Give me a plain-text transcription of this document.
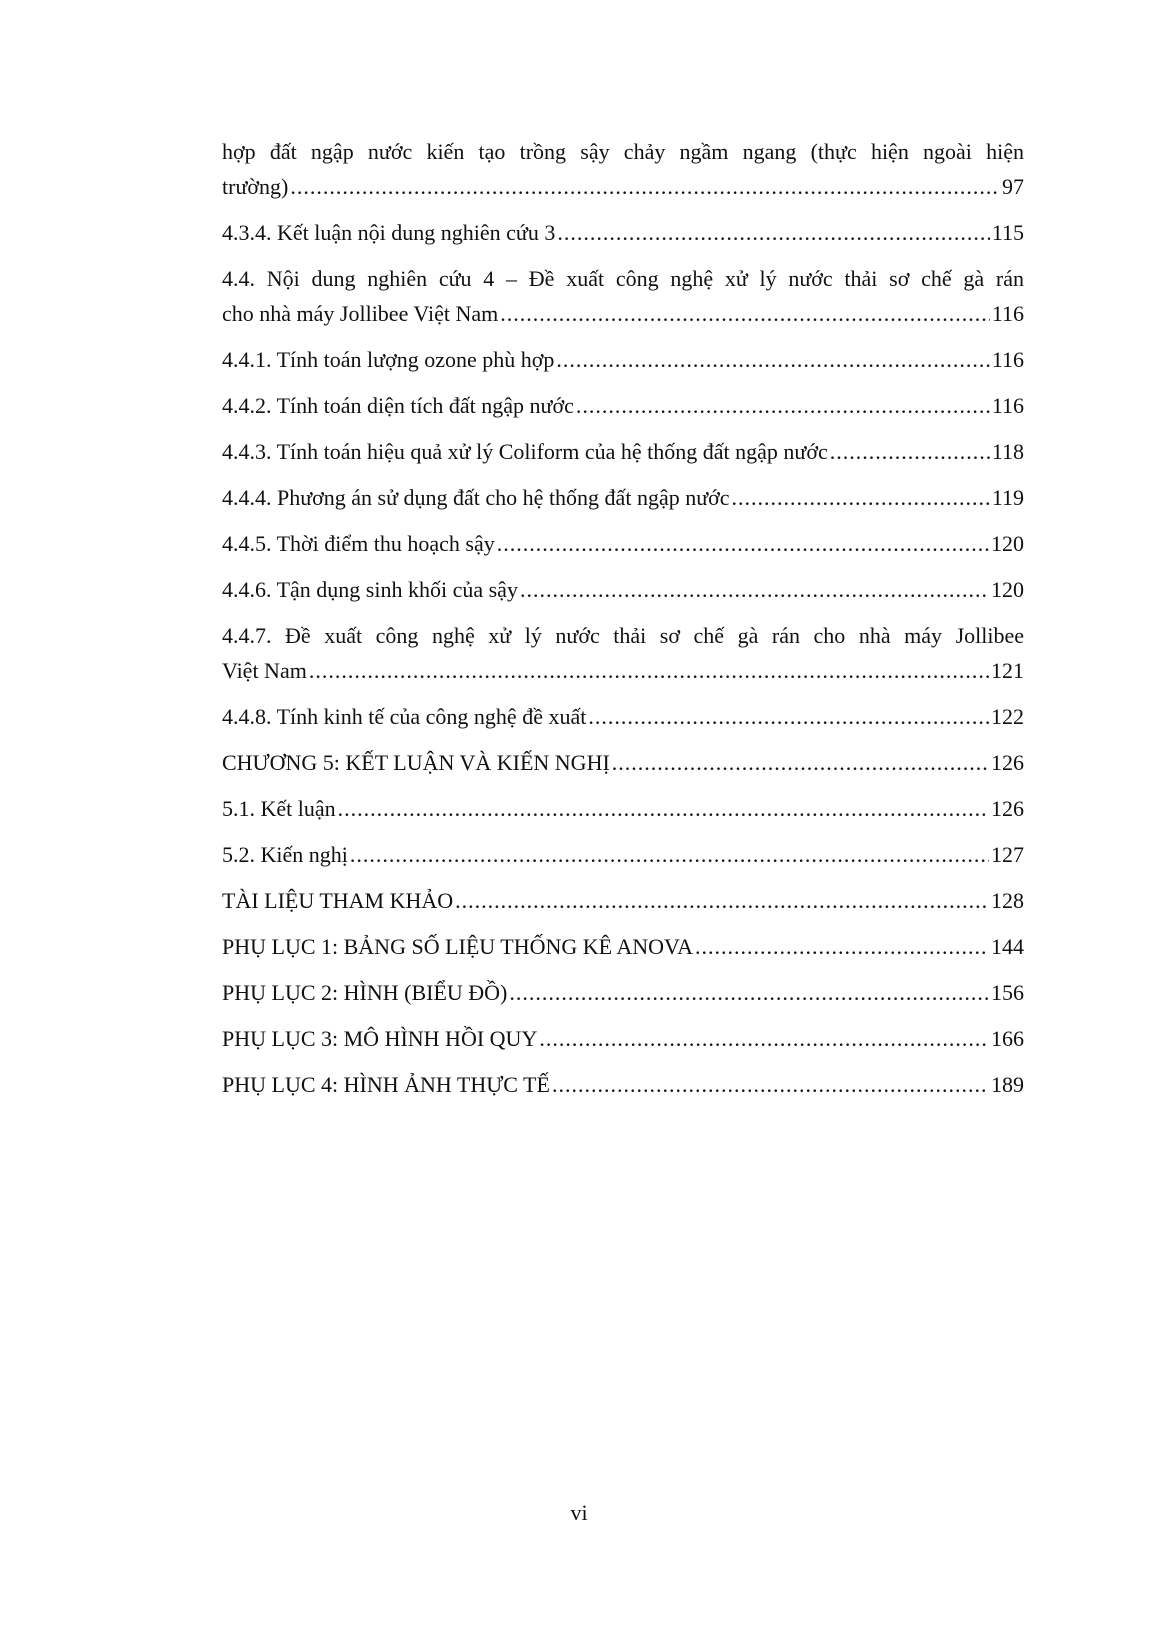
hợp đất ngập nước kiến tạo trồng sậy chảy ngầm ngang (thực hiện ngoài hiện
trường) .....	97
4.3.4. Kết luận nội dung nghiên cứu 3 .....	115
4.4. Nội dung nghiên cứu 4 – Đề xuất công nghệ xử lý nước thải sơ chế gà rán
cho nhà máy Jollibee Việt Nam .....	116
4.4.1. Tính toán lượng ozone phù hợp .....	116
4.4.2. Tính toán diện tích đất ngập nước .....	116
4.4.3. Tính toán hiệu quả xử lý Coliform của hệ thống đất ngập nước .....	118
4.4.4. Phương án sử dụng đất cho hệ thống đất ngập nước .....	119
4.4.5. Thời điểm thu hoạch sậy .....	120
4.4.6. Tận dụng sinh khối của sậy .....	120
4.4.7. Đề xuất công nghệ xử lý nước thải sơ chế gà rán cho nhà máy Jollibee
Việt Nam .....	121
4.4.8. Tính kinh tế của công nghệ đề xuất .....	122
CHƯƠNG 5: KẾT LUẬN VÀ KIẾN NGHỊ .....	126
5.1. Kết luận .....	126
5.2. Kiến nghị .....	127
TÀI LIỆU THAM KHẢO .....	128
PHỤ LỤC 1: BẢNG SỐ LIỆU THỐNG KÊ ANOVA .....	144
PHỤ LỤC 2: HÌNH (BIỂU ĐỒ) .....	156
PHỤ LỤC 3: MÔ HÌNH HỒI QUY .....	166
PHỤ LỤC 4: HÌNH ẢNH THỰC TẾ .....	189
vi
